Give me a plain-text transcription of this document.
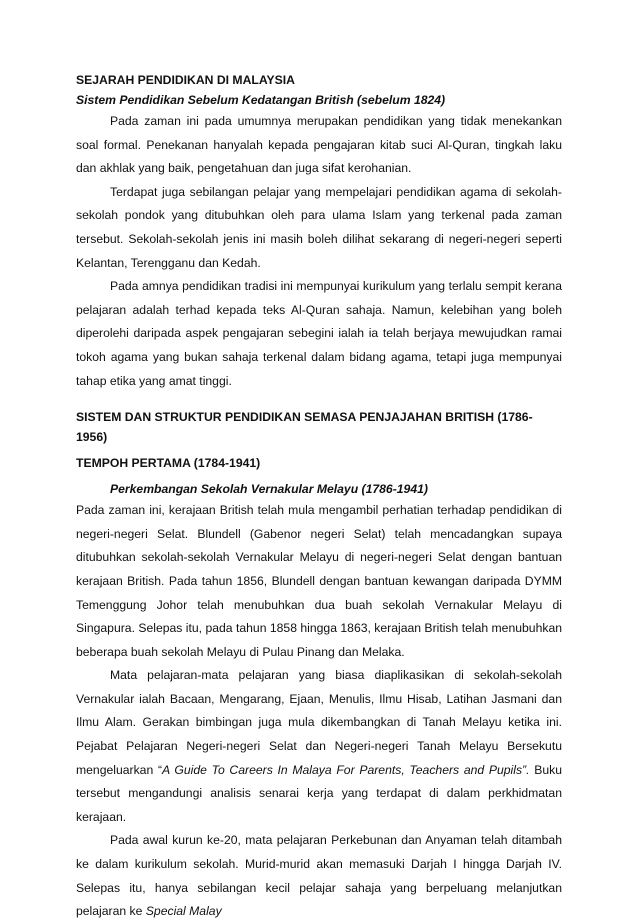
SEJARAH PENDIDIKAN DI MALAYSIA
Sistem Pendidikan Sebelum Kedatangan British (sebelum 1824)

Pada zaman ini pada umumnya merupakan pendidikan yang tidak menekankan soal formal. Penekanan hanyalah kepada pengajaran kitab suci Al-Quran, tingkah laku dan akhlak yang baik, pengetahuan dan juga sifat kerohanian.

Terdapat juga sebilangan pelajar yang mempelajari pendidikan agama di sekolah-sekolah pondok yang ditubuhkan oleh para ulama Islam yang terkenal pada zaman tersebut. Sekolah-sekolah jenis ini masih boleh dilihat sekarang di negeri-negeri seperti Kelantan, Terengganu dan Kedah.

Pada amnya pendidikan tradisi ini mempunyai kurikulum yang terlalu sempit kerana pelajaran adalah terhad kepada teks Al-Quran sahaja. Namun, kelebihan yang boleh diperolehi daripada aspek pengajaran sebegini ialah ia telah berjaya mewujudkan ramai tokoh agama yang bukan sahaja terkenal dalam bidang agama, tetapi juga mempunyai tahap etika yang amat tinggi.

SISTEM DAN STRUKTUR PENDIDIKAN SEMASA PENJAJAHAN BRITISH (1786-1956)
TEMPOH PERTAMA (1784-1941)
Perkembangan Sekolah Vernakular Melayu (1786-1941)

Pada zaman ini, kerajaan British telah mula mengambil perhatian terhadap pendidikan di negeri-negeri Selat. Blundell (Gabenor negeri Selat) telah mencadangkan supaya ditubuhkan sekolah-sekolah Vernakular Melayu di negeri-negeri Selat dengan bantuan kerajaan British. Pada tahun 1856, Blundell dengan bantuan kewangan daripada DYMM Temenggung Johor telah menubuhkan dua buah sekolah Vernakular Melayu di Singapura. Selepas itu, pada tahun 1858 hingga 1863, kerajaan British telah menubuhkan beberapa buah sekolah Melayu di Pulau Pinang dan Melaka.

Mata pelajaran-mata pelajaran yang biasa diaplikasikan di sekolah-sekolah Vernakular ialah Bacaan, Mengarang, Ejaan, Menulis, Ilmu Hisab, Latihan Jasmani dan Ilmu Alam. Gerakan bimbingan juga mula dikembangkan di Tanah Melayu ketika ini. Pejabat Pelajaran Negeri-negeri Selat dan Negeri-negeri Tanah Melayu Bersekutu mengeluarkan “A Guide To Careers In Malaya For Parents, Teachers and Pupils”. Buku tersebut mengandungi analisis senarai kerja yang terdapat di dalam perkhidmatan kerajaan.

Pada awal kurun ke-20, mata pelajaran Perkebunan dan Anyaman telah ditambah ke dalam kurikulum sekolah. Murid-murid akan memasuki Darjah I hingga Darjah IV. Selepas itu, hanya sebilangan kecil pelajar sahaja yang berpeluang melanjutkan pelajaran ke Special Malay
